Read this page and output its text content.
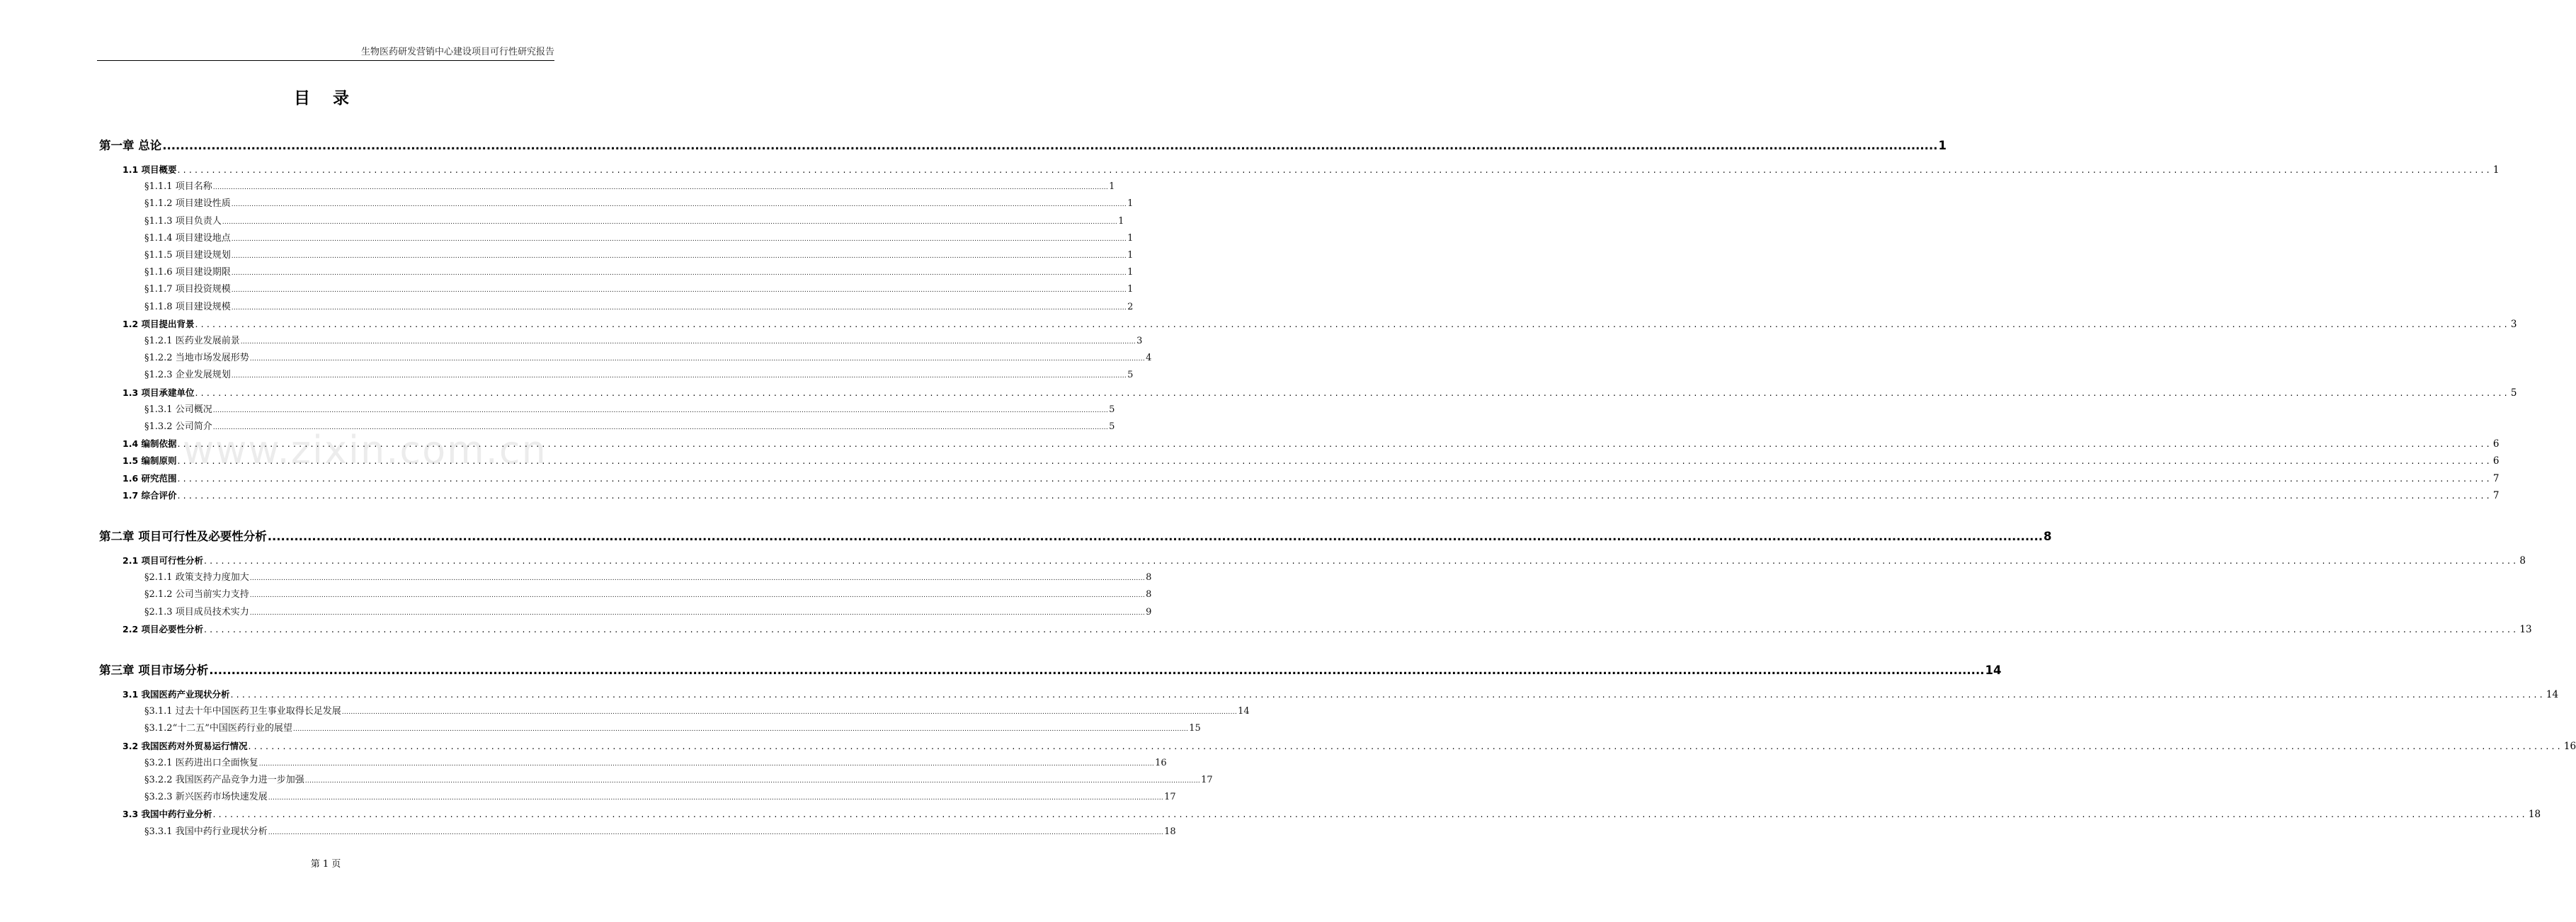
生物医药研发营销中心建设项目可行性研究报告
目 录
www.zixin.com.cn
第一章 总论 ................................................................................................................................................................................................................................................................................................................................................................................................................ 1
1.1 项目概要 ................................................................................................................................................................................................................................................................................................................................................................................................................ 1
§1.1.1 项目名称 ................................................................................................................................................................................................................................................................................................................................................................................................................ 1
§1.1.2 项目建设性质 ................................................................................................................................................................................................................................................................................................................................................................................................................ 1
§1.1.3 项目负责人 ................................................................................................................................................................................................................................................................................................................................................................................................................ 1
§1.1.4 项目建设地点 ................................................................................................................................................................................................................................................................................................................................................................................................................ 1
§1.1.5 项目建设规划 ................................................................................................................................................................................................................................................................................................................................................................................................................ 1
§1.1.6 项目建设期限 ................................................................................................................................................................................................................................................................................................................................................................................................................ 1
§1.1.7 项目投资规模 ................................................................................................................................................................................................................................................................................................................................................................................................................ 1
§1.1.8 项目建设规模 ................................................................................................................................................................................................................................................................................................................................................................................................................ 2
1.2 项目提出背景 ................................................................................................................................................................................................................................................................................................................................................................................................................ 3
§1.2.1 医药业发展前景 ................................................................................................................................................................................................................................................................................................................................................................................................................ 3
§1.2.2 当地市场发展形势 ................................................................................................................................................................................................................................................................................................................................................................................................................ 4
§1.2.3 企业发展规划 ................................................................................................................................................................................................................................................................................................................................................................................................................ 5
1.3 项目承建单位 ................................................................................................................................................................................................................................................................................................................................................................................................................ 5
§1.3.1 公司概况 ................................................................................................................................................................................................................................................................................................................................................................................................................ 5
§1.3.2 公司简介 ................................................................................................................................................................................................................................................................................................................................................................................................................ 5
1.4 编制依据 ................................................................................................................................................................................................................................................................................................................................................................................................................ 6
1.5 编制原则 ................................................................................................................................................................................................................................................................................................................................................................................................................ 6
1.6 研究范围 ................................................................................................................................................................................................................................................................................................................................................................................................................ 7
1.7 综合评价 ................................................................................................................................................................................................................................................................................................................................................................................................................ 7
第二章 项目可行性及必要性分析 ................................................................................................................................................................................................................................................................................................................................................................................................................ 8
2.1 项目可行性分析 ................................................................................................................................................................................................................................................................................................................................................................................................................ 8
§2.1.1 政策支持力度加大 ................................................................................................................................................................................................................................................................................................................................................................................................................ 8
§2.1.2 公司当前实力支持 ................................................................................................................................................................................................................................................................................................................................................................................................................ 8
§2.1.3 项目成员技术实力 ................................................................................................................................................................................................................................................................................................................................................................................................................ 9
2.2 项目必要性分析 ................................................................................................................................................................................................................................................................................................................................................................................................................ 13
第三章 项目市场分析 ................................................................................................................................................................................................................................................................................................................................................................................................................ 14
3.1 我国医药产业现状分析 ................................................................................................................................................................................................................................................................................................................................................................................................................ 14
§3.1.1 过去十年中国医药卫生事业取得长足发展 ................................................................................................................................................................................................................................................................................................................................................................................................................ 14
§3.1.2“十二五”中国医药行业的展望 ................................................................................................................................................................................................................................................................................................................................................................................................................ 15
3.2 我国医药对外贸易运行情况 ................................................................................................................................................................................................................................................................................................................................................................................................................ 16
§3.2.1 医药进出口全面恢复 ................................................................................................................................................................................................................................................................................................................................................................................................................ 16
§3.2.2 我国医药产品竞争力进一步加强 ................................................................................................................................................................................................................................................................................................................................................................................................................ 17
§3.2.3 新兴医药市场快速发展 ................................................................................................................................................................................................................................................................................................................................................................................................................ 17
3.3 我国中药行业分析 ................................................................................................................................................................................................................................................................................................................................................................................................................ 18
§3.3.1 我国中药行业现状分析 ................................................................................................................................................................................................................................................................................................................................................................................................................ 18
第 1 页
